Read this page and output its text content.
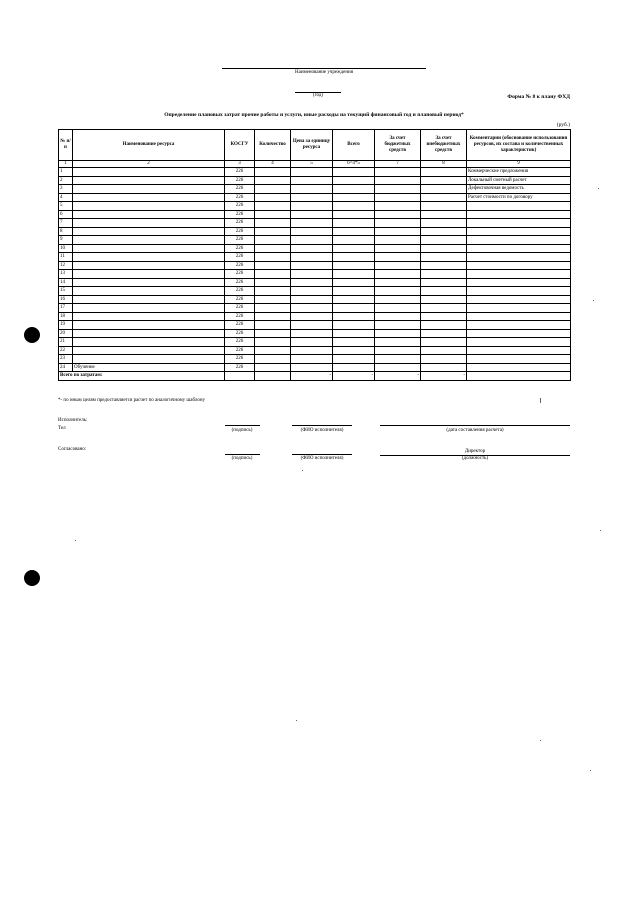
Наименование учреждения
(год)	Форма № 8 к плану ФХД
Определение плановых затрат прочие работы и услуги, иные расходы на текущий финансовый год и плановый период*
(руб.)
№ п/п	Наименование ресурса	КОСГУ	Количество	Цена за единицу ресурса	Всего	За счет бюджетных средств	За счет внебюджетных средств	Комментарии (обоснование использования ресурсов, их состава и количественных характеристик)
1	2	3	4	5	6=4*5	7	8	9
1		226						Коммерческие предложения
2		226						Локальный сметный расчет
3		226						Дефектовочная ведомость
4		226						Расчет стоимости по договору
5		226						
6		226						
7		226						
8		226						
9		226						
10		226						
11		226						
12		226						
13		226						
14		226						
15		226						
16		226						
17		226						
18		226						
19		226						
20		226						
21		226						
22		226						
23		226						
24	Обучение	226						
Всего по затратам:				-	-	-	-	
*- по иным целям предоставляется расчет по аналогичному шаблону
Исполнитель:
Тел	(подпись)	(ФИО исполнителя)	(дата составления расчета)
Согласовано:
(подпись)	(ФИО исполнителя)
Директор
(должность)
